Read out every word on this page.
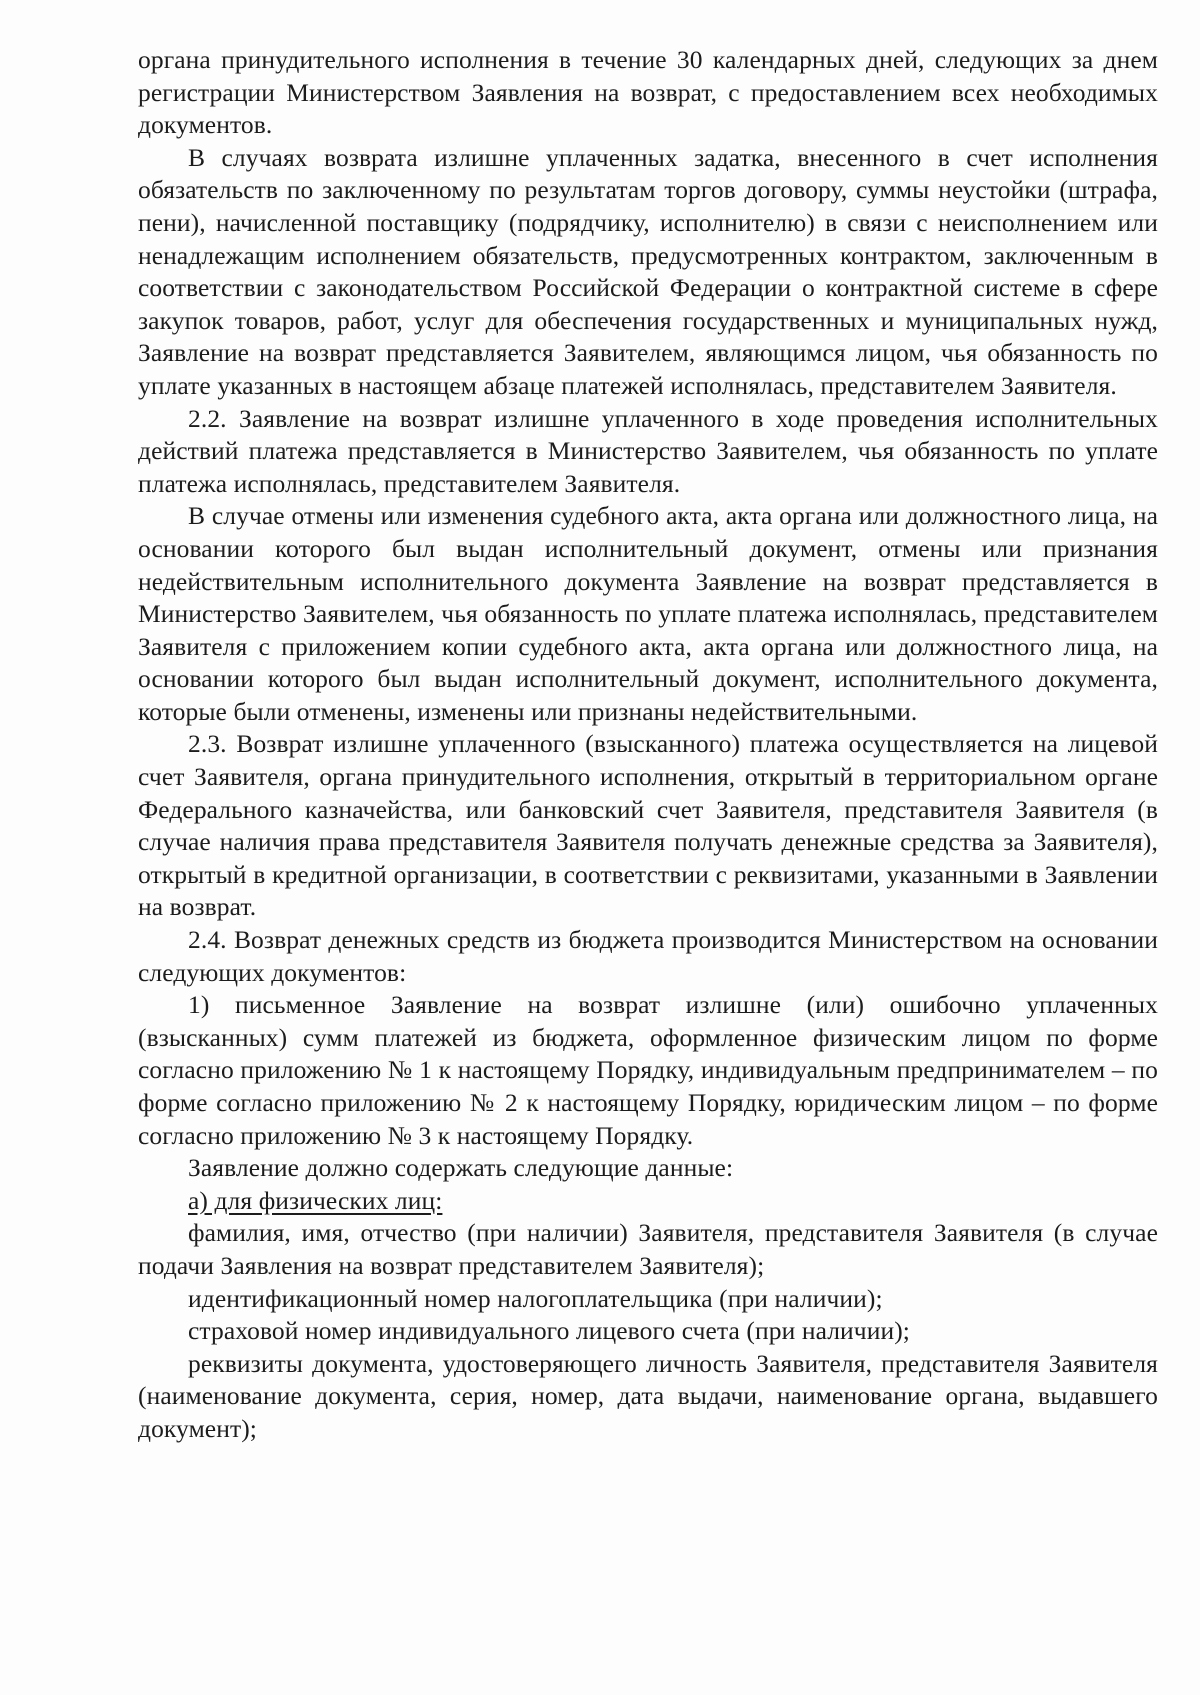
органа принудительного исполнения в течение 30 календарных дней, следующих за днем регистрации Министерством Заявления на возврат, с предоставлением всех необходимых документов.

В случаях возврата излишне уплаченных задатка, внесенного в счет исполнения обязательств по заключенному по результатам торгов договору, суммы неустойки (штрафа, пени), начисленной поставщику (подрядчику, исполнителю) в связи с неисполнением или ненадлежащим исполнением обязательств, предусмотренных контрактом, заключенным в соответствии с законодательством Российской Федерации о контрактной системе в сфере закупок товаров, работ, услуг для обеспечения государственных и муниципальных нужд, Заявление на возврат представляется Заявителем, являющимся лицом, чья обязанность по уплате указанных в настоящем абзаце платежей исполнялась, представителем Заявителя.

2.2. Заявление на возврат излишне уплаченного в ходе проведения исполнительных действий платежа представляется в Министерство Заявителем, чья обязанность по уплате платежа исполнялась, представителем Заявителя.

В случае отмены или изменения судебного акта, акта органа или должностного лица, на основании которого был выдан исполнительный документ, отмены или признания недействительным исполнительного документа Заявление на возврат представляется в Министерство Заявителем, чья обязанность по уплате платежа исполнялась, представителем Заявителя с приложением копии судебного акта, акта органа или должностного лица, на основании которого был выдан исполнительный документ, исполнительного документа, которые были отменены, изменены или признаны недействительными.

2.3. Возврат излишне уплаченного (взысканного) платежа осуществляется на лицевой счет Заявителя, органа принудительного исполнения, открытый в территориальном органе Федерального казначейства, или банковский счет Заявителя, представителя Заявителя (в случае наличия права представителя Заявителя получать денежные средства за Заявителя), открытый в кредитной организации, в соответствии с реквизитами, указанными в Заявлении на возврат.

2.4. Возврат денежных средств из бюджета производится Министерством на основании следующих документов:

1) письменное Заявление на возврат излишне (или) ошибочно уплаченных (взысканных) сумм платежей из бюджета, оформленное физическим лицом по форме согласно приложению № 1 к настоящему Порядку, индивидуальным предпринимателем – по форме согласно приложению № 2 к настоящему Порядку, юридическим лицом – по форме согласно приложению № 3 к настоящему Порядку.

Заявление должно содержать следующие данные:

а) для физических лиц:

фамилия, имя, отчество (при наличии) Заявителя, представителя Заявителя (в случае подачи Заявления на возврат представителем Заявителя);

идентификационный номер налогоплательщика (при наличии);

страховой номер индивидуального лицевого счета (при наличии);

реквизиты документа, удостоверяющего личность Заявителя, представителя Заявителя (наименование документа, серия, номер, дата выдачи, наименование органа, выдавшего документ);
